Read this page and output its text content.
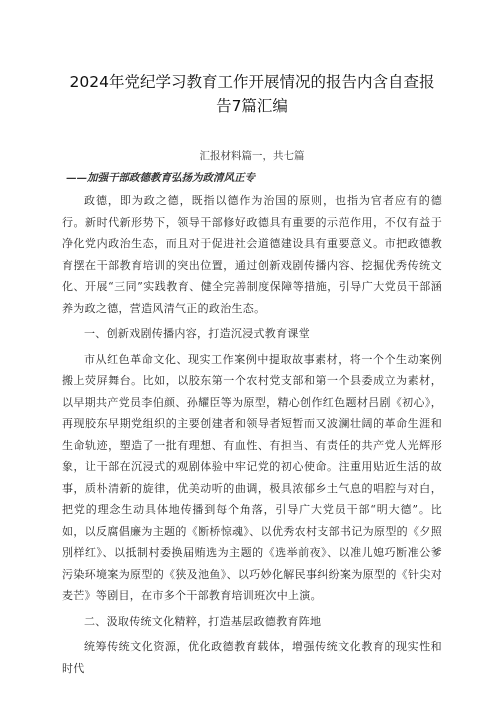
2024年党纪学习教育工作开展情况的报告内含自查报告7篇汇编
汇报材料篇一，共七篇
——加强干部政德教育弘扬为政清风正专

政德，即为政之德，既指以德作为治国的原则，也指为官者应有的德行。新时代新形势下，领导干部修好政德具有重要的示范作用，不仅有益于净化党内政治生态，而且对于促进社会道德建设具有重要意义。市把政德教育摆在干部教育培训的突出位置，通过创新戏剧传播内容、挖掘优秀传统文化、开展“三同”实践教育、健全完善制度保障等措施，引导广大党员干部涵养为政之德，营造风清气正的政治生态。

一、创新戏剧传播内容，打造沉浸式教育课堂

市从红色革命文化、现实工作案例中提取故事素材，将一个个生动案例搬上荧屏舞台。比如，以胶东第一个农村党支部和第一个县委成立为素材，以早期共产党员李伯颜、孙耀臣等为原型，精心创作红色题材吕剧《初心》，再现胶东早期党组织的主要创建者和领导者短暂而又波澜壮阔的革命生涯和生命轨迹，塑造了一批有理想、有血性、有担当、有责任的共产党人光辉形象，让干部在沉浸式的观剧体验中牢记党的初心使命。注重用贴近生活的故事，质朴清新的旋律，优美动听的曲调，极具浓郁乡土气息的唱腔与对白，把党的理念生动具体地传播到每个角落，引导广大党员干部“明大德”。比如，以反腐倡廉为主题的《断桥惊魂》、以优秀农村支部书记为原型的《夕照別样红》、以抵制村委换届贿选为主题的《选举前夜》、以准儿媳巧断准公爹污染环境案为原型的《狭及池鱼》、以巧妙化解民事纠纷案为原型的《针尖对麦芒》等剧目，在市多个干部教育培训班次中上演。

二、汲取传统文化精粹，打造基层政德教育阵地

统筹传统文化资源，优化政德教育载体，增强传统文化教育的现实性和时代
